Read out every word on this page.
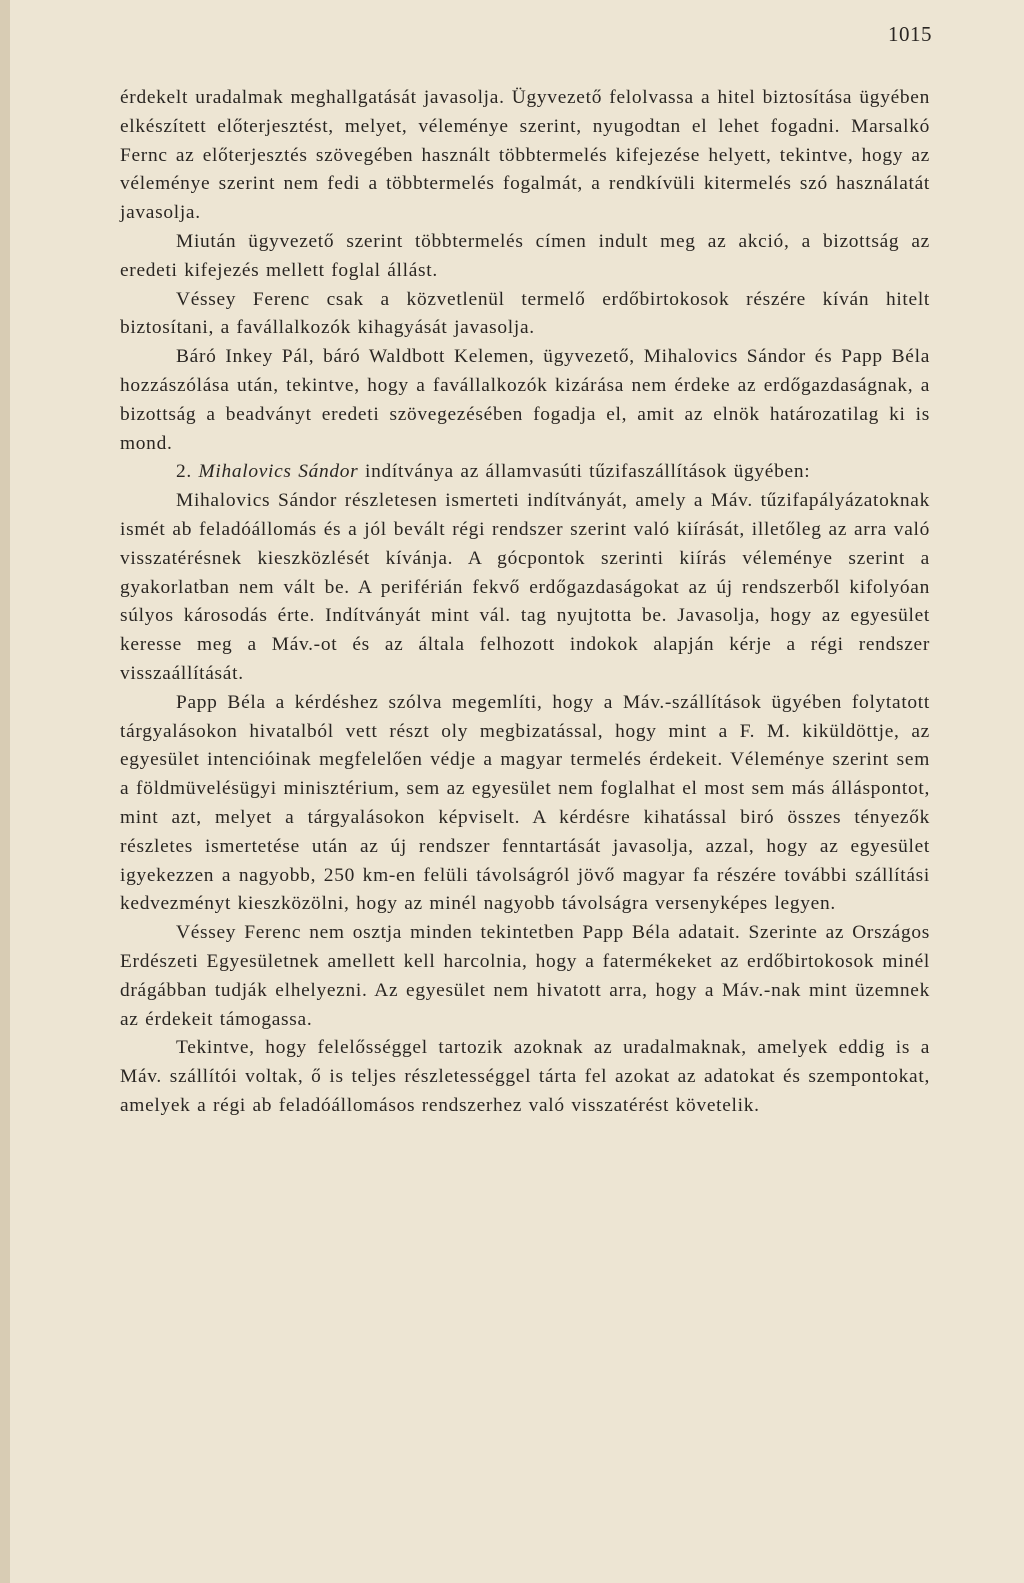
1015

érdekelt uradalmak meghallgatását javasolja. Ügyvezető felolvassa a hitel biztosítása ügyében elkészített előterjesztést, melyet, véleménye szerint, nyugodtan el lehet fogadni. Marsalkó Fernc az előterjesztés szövegében használt többtermelés kifejezése helyett, tekintve, hogy az véleménye szerint nem fedi a többtermelés fogalmát, a rendkívüli kitermelés szó használatát javasolja.

Miután ügyvezető szerint többtermelés címen indult meg az akció, a bizottság az eredeti kifejezés mellett foglal állást.

Véssey Ferenc csak a közvetlenül termelő erdőbirtokosok részére kíván hitelt biztosítani, a favállalkozók kihagyását javasolja.

Báró Inkey Pál, báró Waldbott Kelemen, ügyvezető, Mihalovics Sándor és Papp Béla hozzászólása után, tekintve, hogy a favállalkozók kizárása nem érdeke az erdőgazdaságnak, a bizottság a beadványt eredeti szövegezésében fogadja el, amit az elnök határozatilag ki is mond.

2. Mihalovics Sándor indítványa az államvasúti tűzifaszállítások ügyében:

Mihalovics Sándor részletesen ismerteti indítványát, amely a Máv. tűzifapályázatoknak ismét ab feladóállomás és a jól bevált régi rendszer szerint való kiírását, illetőleg az arra való visszatérésnek kieszközlését kívánja. A gócpontok szerinti kiírás véleménye szerint a gyakorlatban nem vált be. A periférián fekvő erdőgazdaságokat az új rendszerből kifolyóan súlyos károsodás érte. Indítványát mint vál. tag nyujtotta be. Javasolja, hogy az egyesület keresse meg a Máv.-ot és az általa felhozott indokok alapján kérje a régi rendszer visszaállítását.

Papp Béla a kérdéshez szólva megemlíti, hogy a Máv.-szállítások ügyében folytatott tárgyalásokon hivatalból vett részt oly megbizatással, hogy mint a F. M. kiküldöttje, az egyesület intencióinak megfelelően védje a magyar termelés érdekeit. Véleménye szerint sem a földmüvelésügyi minisztérium, sem az egyesület nem foglalhat el most sem más álláspontot, mint azt, melyet a tárgyalásokon képviselt. A kérdésre kihatással biró összes tényezők részletes ismertetése után az új rendszer fenntartását javasolja, azzal, hogy az egyesület igyekezzen a nagyobb, 250 km-en felüli távolságról jövő magyar fa részére további szállítási kedvezményt kieszközölni, hogy az minél nagyobb távolságra versenyképes legyen.

Véssey Ferenc nem osztja minden tekintetben Papp Béla adatait. Szerinte az Országos Erdészeti Egyesületnek amellett kell harcolnia, hogy a fatermékeket az erdőbirtokosok minél drágábban tudják elhelyezni. Az egyesület nem hivatott arra, hogy a Máv.-nak mint üzemnek az érdekeit támogassa.

Tekintve, hogy felelősséggel tartozik azoknak az uradalmaknak, amelyek eddig is a Máv. szállítói voltak, ő is teljes részletességgel tárta fel azokat az adatokat és szempontokat, amelyek a régi ab feladóállomásos rendszerhez való visszatérést követelik.
